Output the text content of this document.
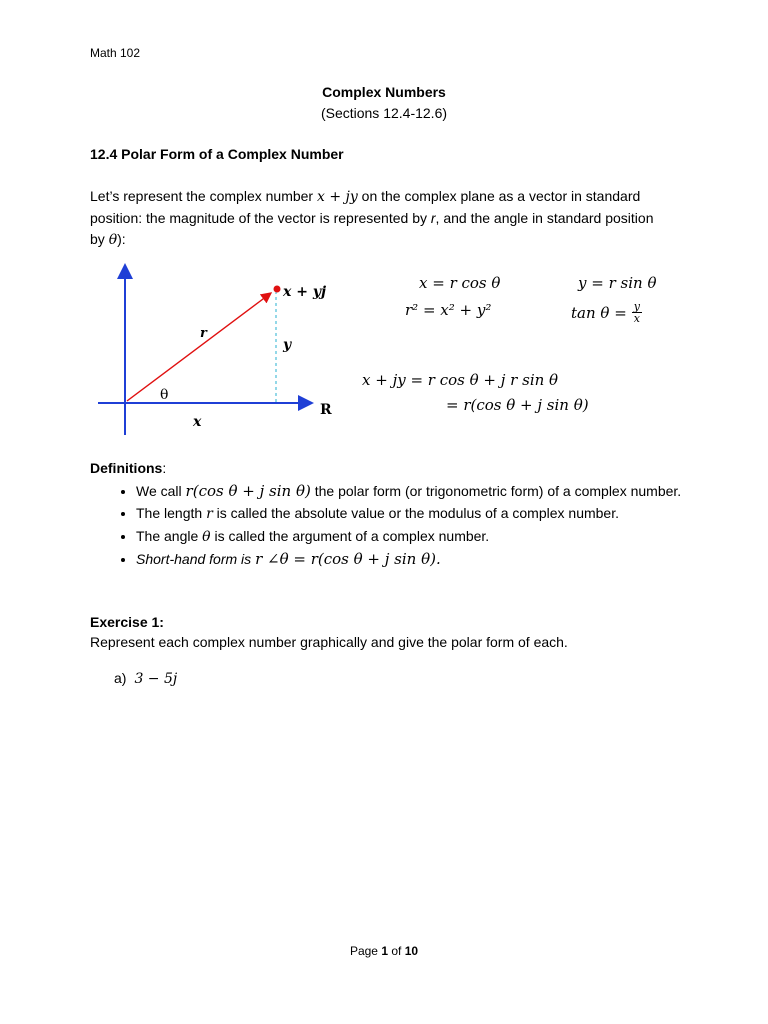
Math 102
Complex Numbers
(Sections 12.4-12.6)
12.4 Polar Form of a Complex Number
Let’s represent the complex number x + jy on the complex plane as a vector in standard position: the magnitude of the vector is represented by r, and the angle in standard position by θ):
R
x + yj
r
y
x
θ
x = r cos θ	y = r sin θ
r² = x² + y²	$\tan \theta = \frac{y}{x}$
x + jy = r cos θ + j r sin θ
= r(cos θ + j sin θ)
Definitions:
• We call r(cos θ + j sin θ) the polar form (or trigonometric form) of a complex number.
• The length r is called the absolute value or the modulus of a complex number.
• The angle θ is called the argument of a complex number.
• Short-hand form is r ∠θ = r(cos θ + j sin θ).
Exercise 1:
Represent each complex number graphically and give the polar form of each.
a) 3 − 5j
Page 1 of 10
